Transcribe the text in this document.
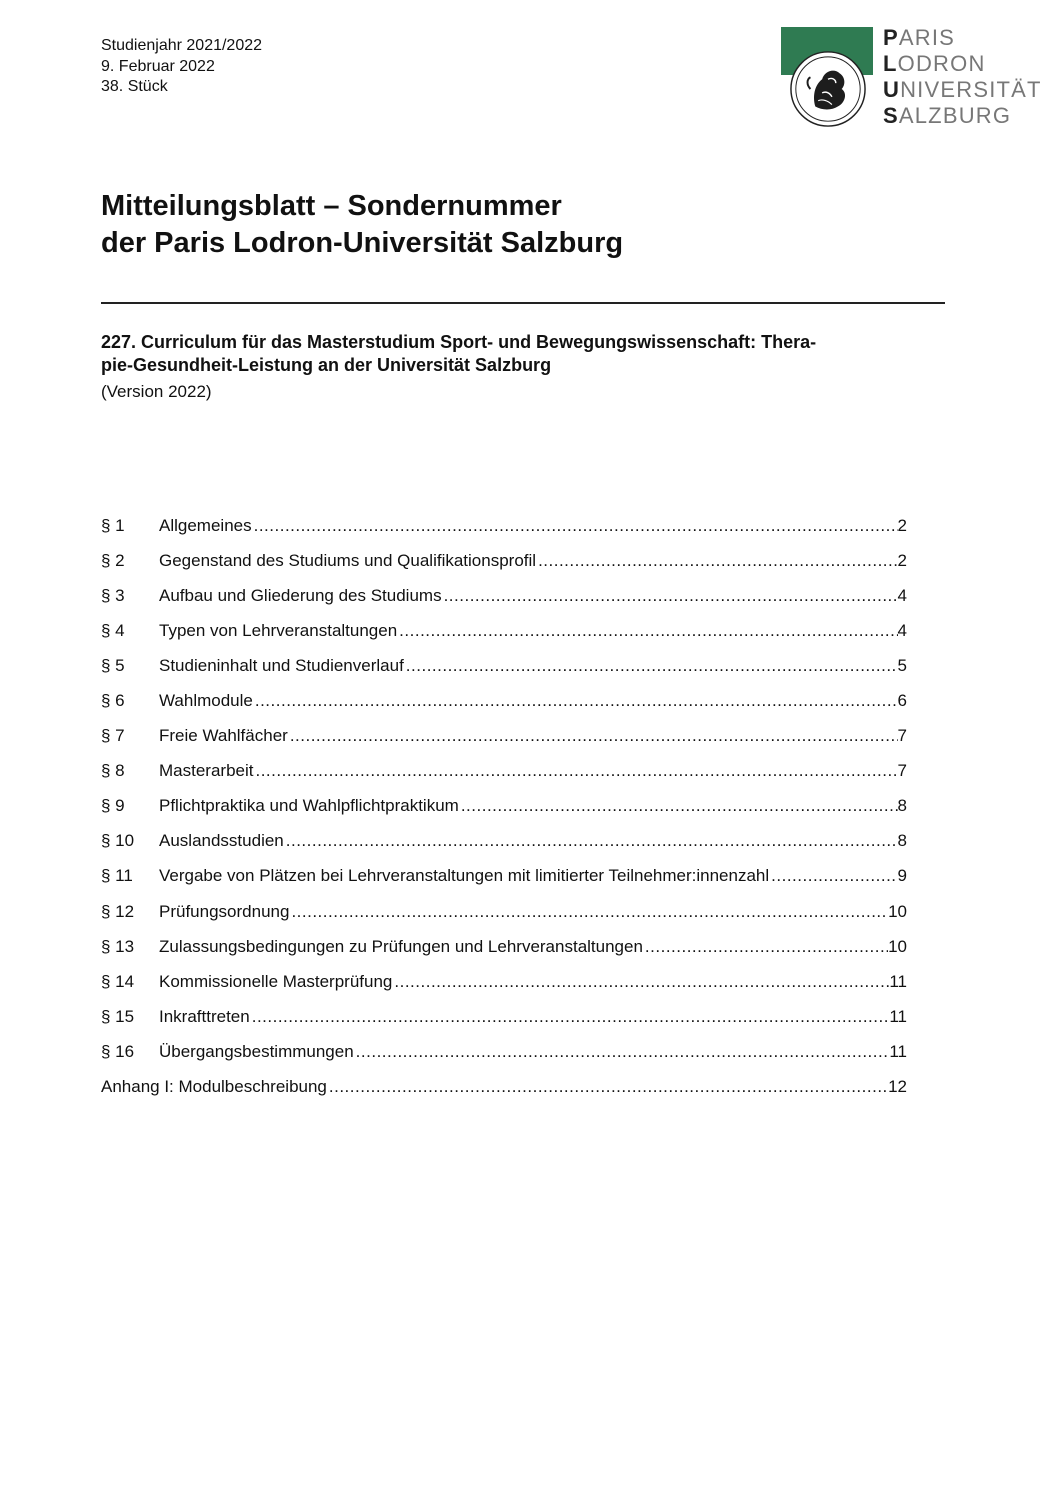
Studienjahr 2021/2022
9. Februar 2022
38. Stück
PARIS
LODRON
UNIVERSITÄT
SALZBURG
Mitteilungsblatt – Sondernummer
der Paris Lodron-Universität Salzburg
227. Curriculum für das Masterstudium Sport- und Bewegungswissenschaft: Thera-
pie-Gesundheit-Leistung an der Universität Salzburg
(Version 2022)
§ 1	Allgemeines .....	2
§ 2	Gegenstand des Studiums und Qualifikationsprofil .....	2
§ 3	Aufbau und Gliederung des Studiums .....	4
§ 4	Typen von Lehrveranstaltungen .....	4
§ 5	Studieninhalt und Studienverlauf .....	5
§ 6	Wahlmodule .....	6
§ 7	Freie Wahlfächer .....	7
§ 8	Masterarbeit .....	7
§ 9	Pflichtpraktika und Wahlpflichtpraktikum .....	8
§ 10	Auslandsstudien .....	8
§ 11	Vergabe von Plätzen bei Lehrveranstaltungen mit limitierter Teilnehmer:innenzahl .....	9
§ 12	Prüfungsordnung .....	10
§ 13	Zulassungsbedingungen zu Prüfungen und Lehrveranstaltungen .....	10
§ 14	Kommissionelle Masterprüfung .....	11
§ 15	Inkrafttreten .....	11
§ 16	Übergangsbestimmungen .....	11
Anhang I: Modulbeschreibung .....	12
